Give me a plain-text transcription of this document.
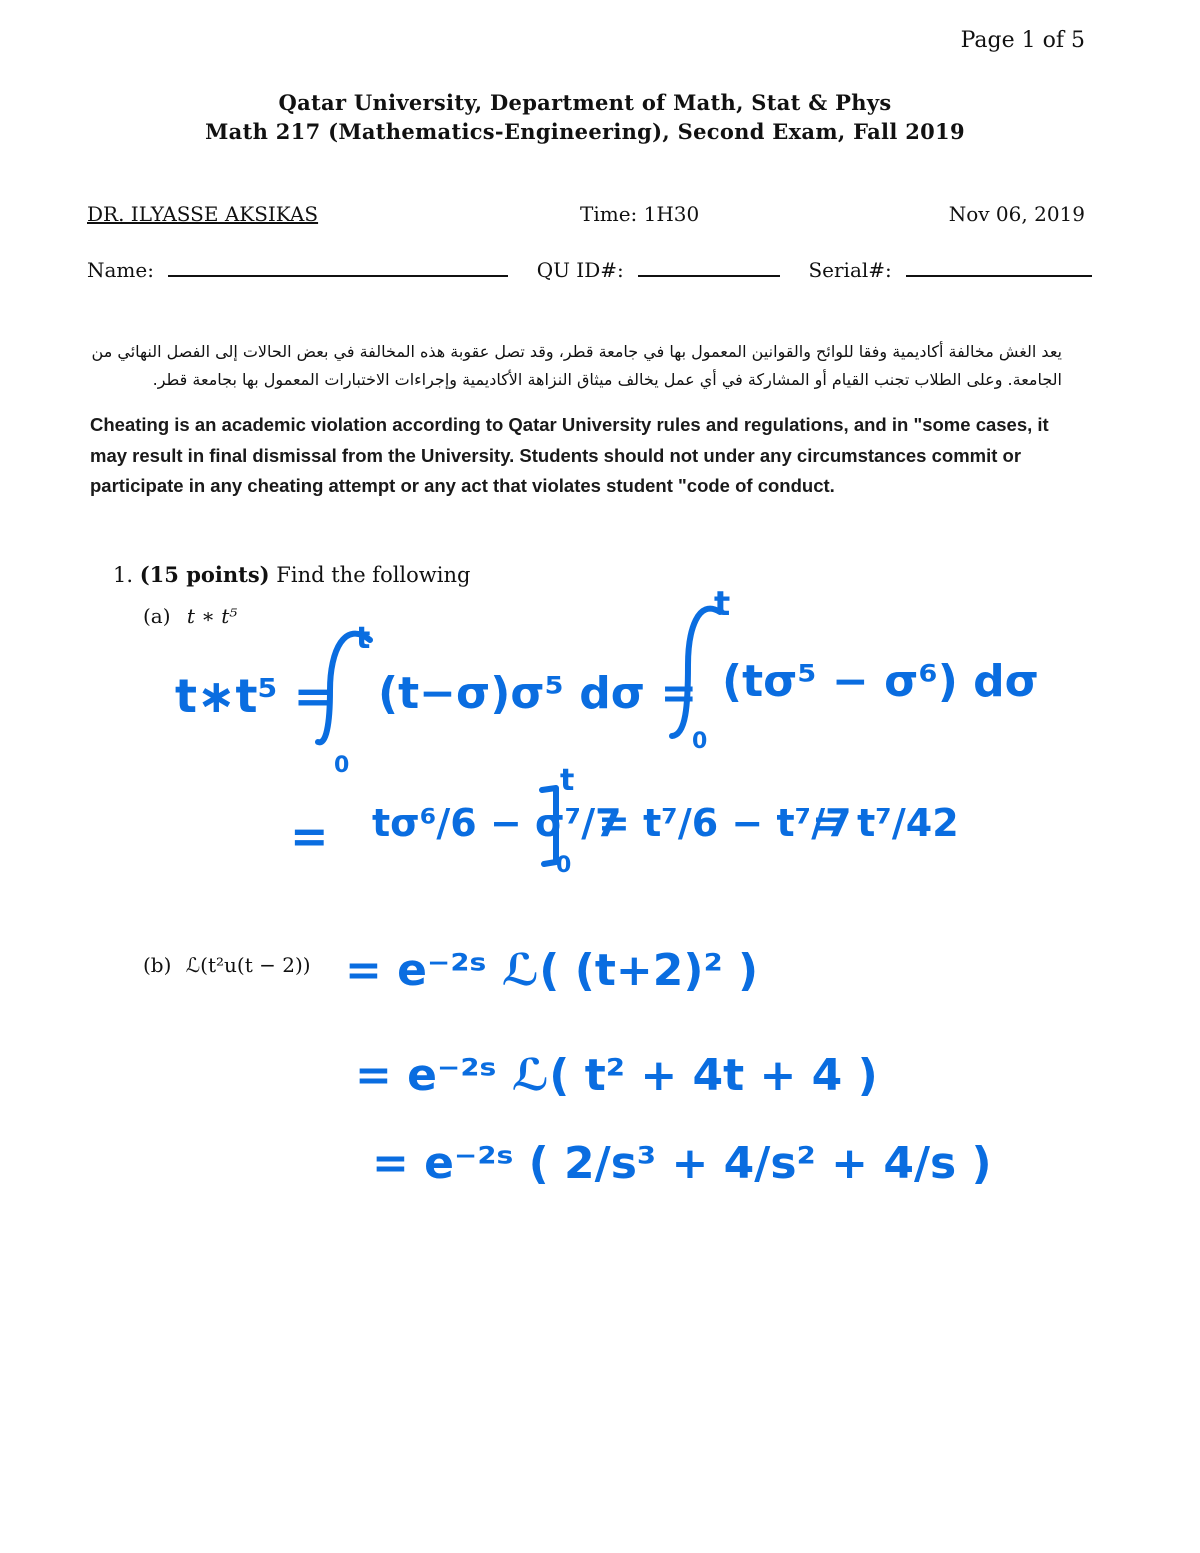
Page 1 of 5
Qatar University, Department of Math, Stat & Phys
Math 217 (Mathematics-Engineering), Second Exam, Fall 2019
DR. ILYASSE AKSIKAS	Time: 1H30	Nov 06, 2019
Name:	QU ID#:	Serial#:
يعد الغش مخالفة أكاديمية وفقا للوائح والقوانين المعمول بها في جامعة قطر، وقد تصل عقوبة هذه المخالفة في بعض الحالات إلى الفصل النهائي من
الجامعة. وعلى الطلاب تجنب القيام أو المشاركة في أي عمل يخالف ميثاق النزاهة الأكاديمية وإجراءات الاختبارات المعمول بها بجامعة قطر.
Cheating is an academic violation according to Qatar University rules and regulations, and in "some cases, it may result in final dismissal from the University. Students should not under any circumstances commit or participate in any cheating attempt or any act that violates student "code of conduct.
1. (15 points) Find the following
(a) t ∗ t⁵
(b) ℒ(t²u(t − 2))
t∗t⁵ =
t
0
(t−σ)σ⁵ dσ =
t
0
(tσ⁵ − σ⁶) dσ
= tσ⁶/6 − σ⁷/7
t
0
= t⁷/6 − t⁷/7
= t⁷/42
= e⁻²ˢ ℒ( (t+2)² )
= e⁻²ˢ ℒ( t² + 4t + 4 )
= e⁻²ˢ ( 2/s³ + 4/s² + 4/s )
